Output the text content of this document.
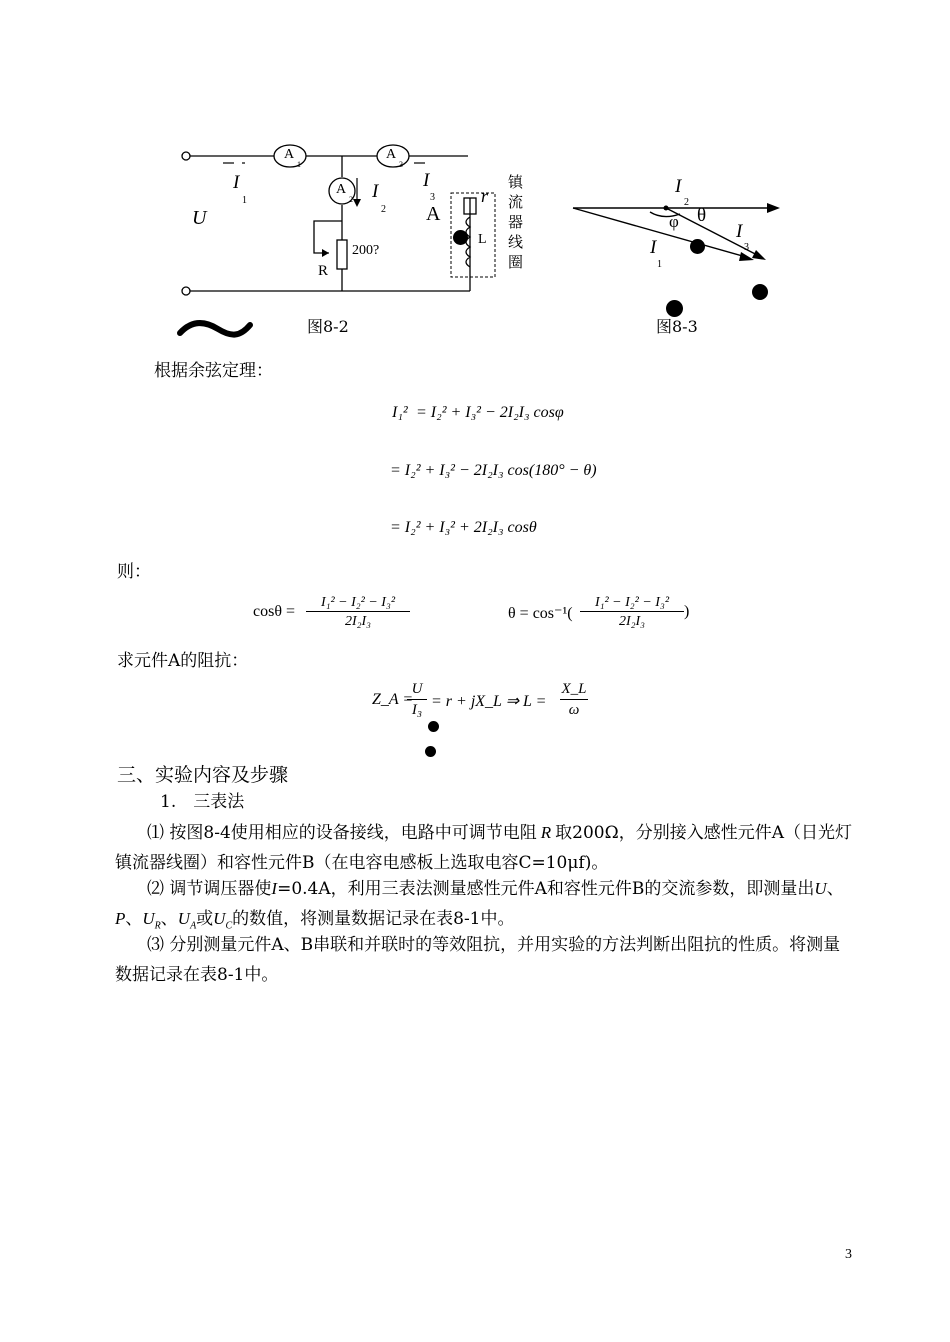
A
1
A
3
A
2
I
1	I
2
I
3
U
R
200?
A
L
r
镇
流
器
线
圈
图8-2
I
2
φ θ
I
3
I
1
图8-3
根据余弦定理：
I₁² = I₂² + I₃² − 2I₂I₃ cosφ
= I₂² + I₃² − 2I₂I₃ cos(180° − θ)
= I₂² + I₃² + 2I₂I₃ cosθ
则：
$\cos\theta = \frac{\text{I₁² − I₂² − I₃²}}{\text{2I₂I₃}}$	$\theta = \cos^{-1}( \frac{\text{I₁² − I₂² − I₃²}}{\text{2I₂I₃}}$ )
求元件A的阻抗：
Z_A =
$\frac{U}{\text{I₃}} = r$ + jX_L ⇒ $L = \frac{X\_L}{\omega}$
三、实验内容及步骤
1.　三表法
⑴ 按图8-4使用相应的设备接线，电路中可调节电阻 R 取200Ω，分别接入感性元件A（日光灯镇流器线圈）和容性元件B（在电容电感板上选取电容C=10μf)。
⑵ 调节调压器使I=0.4A，利用三表法测量感性元件A和容性元件B的交流参数，即测量出U、P、$U_R$、$U_A$或$U_C$的数值，将测量数据记录在表8-1中。
⑶ 分别测量元件A、B串联和并联时的等效阻抗，并用实验的方法判断出阻抗的性质。将测量数据记录在表8-1中。
3
